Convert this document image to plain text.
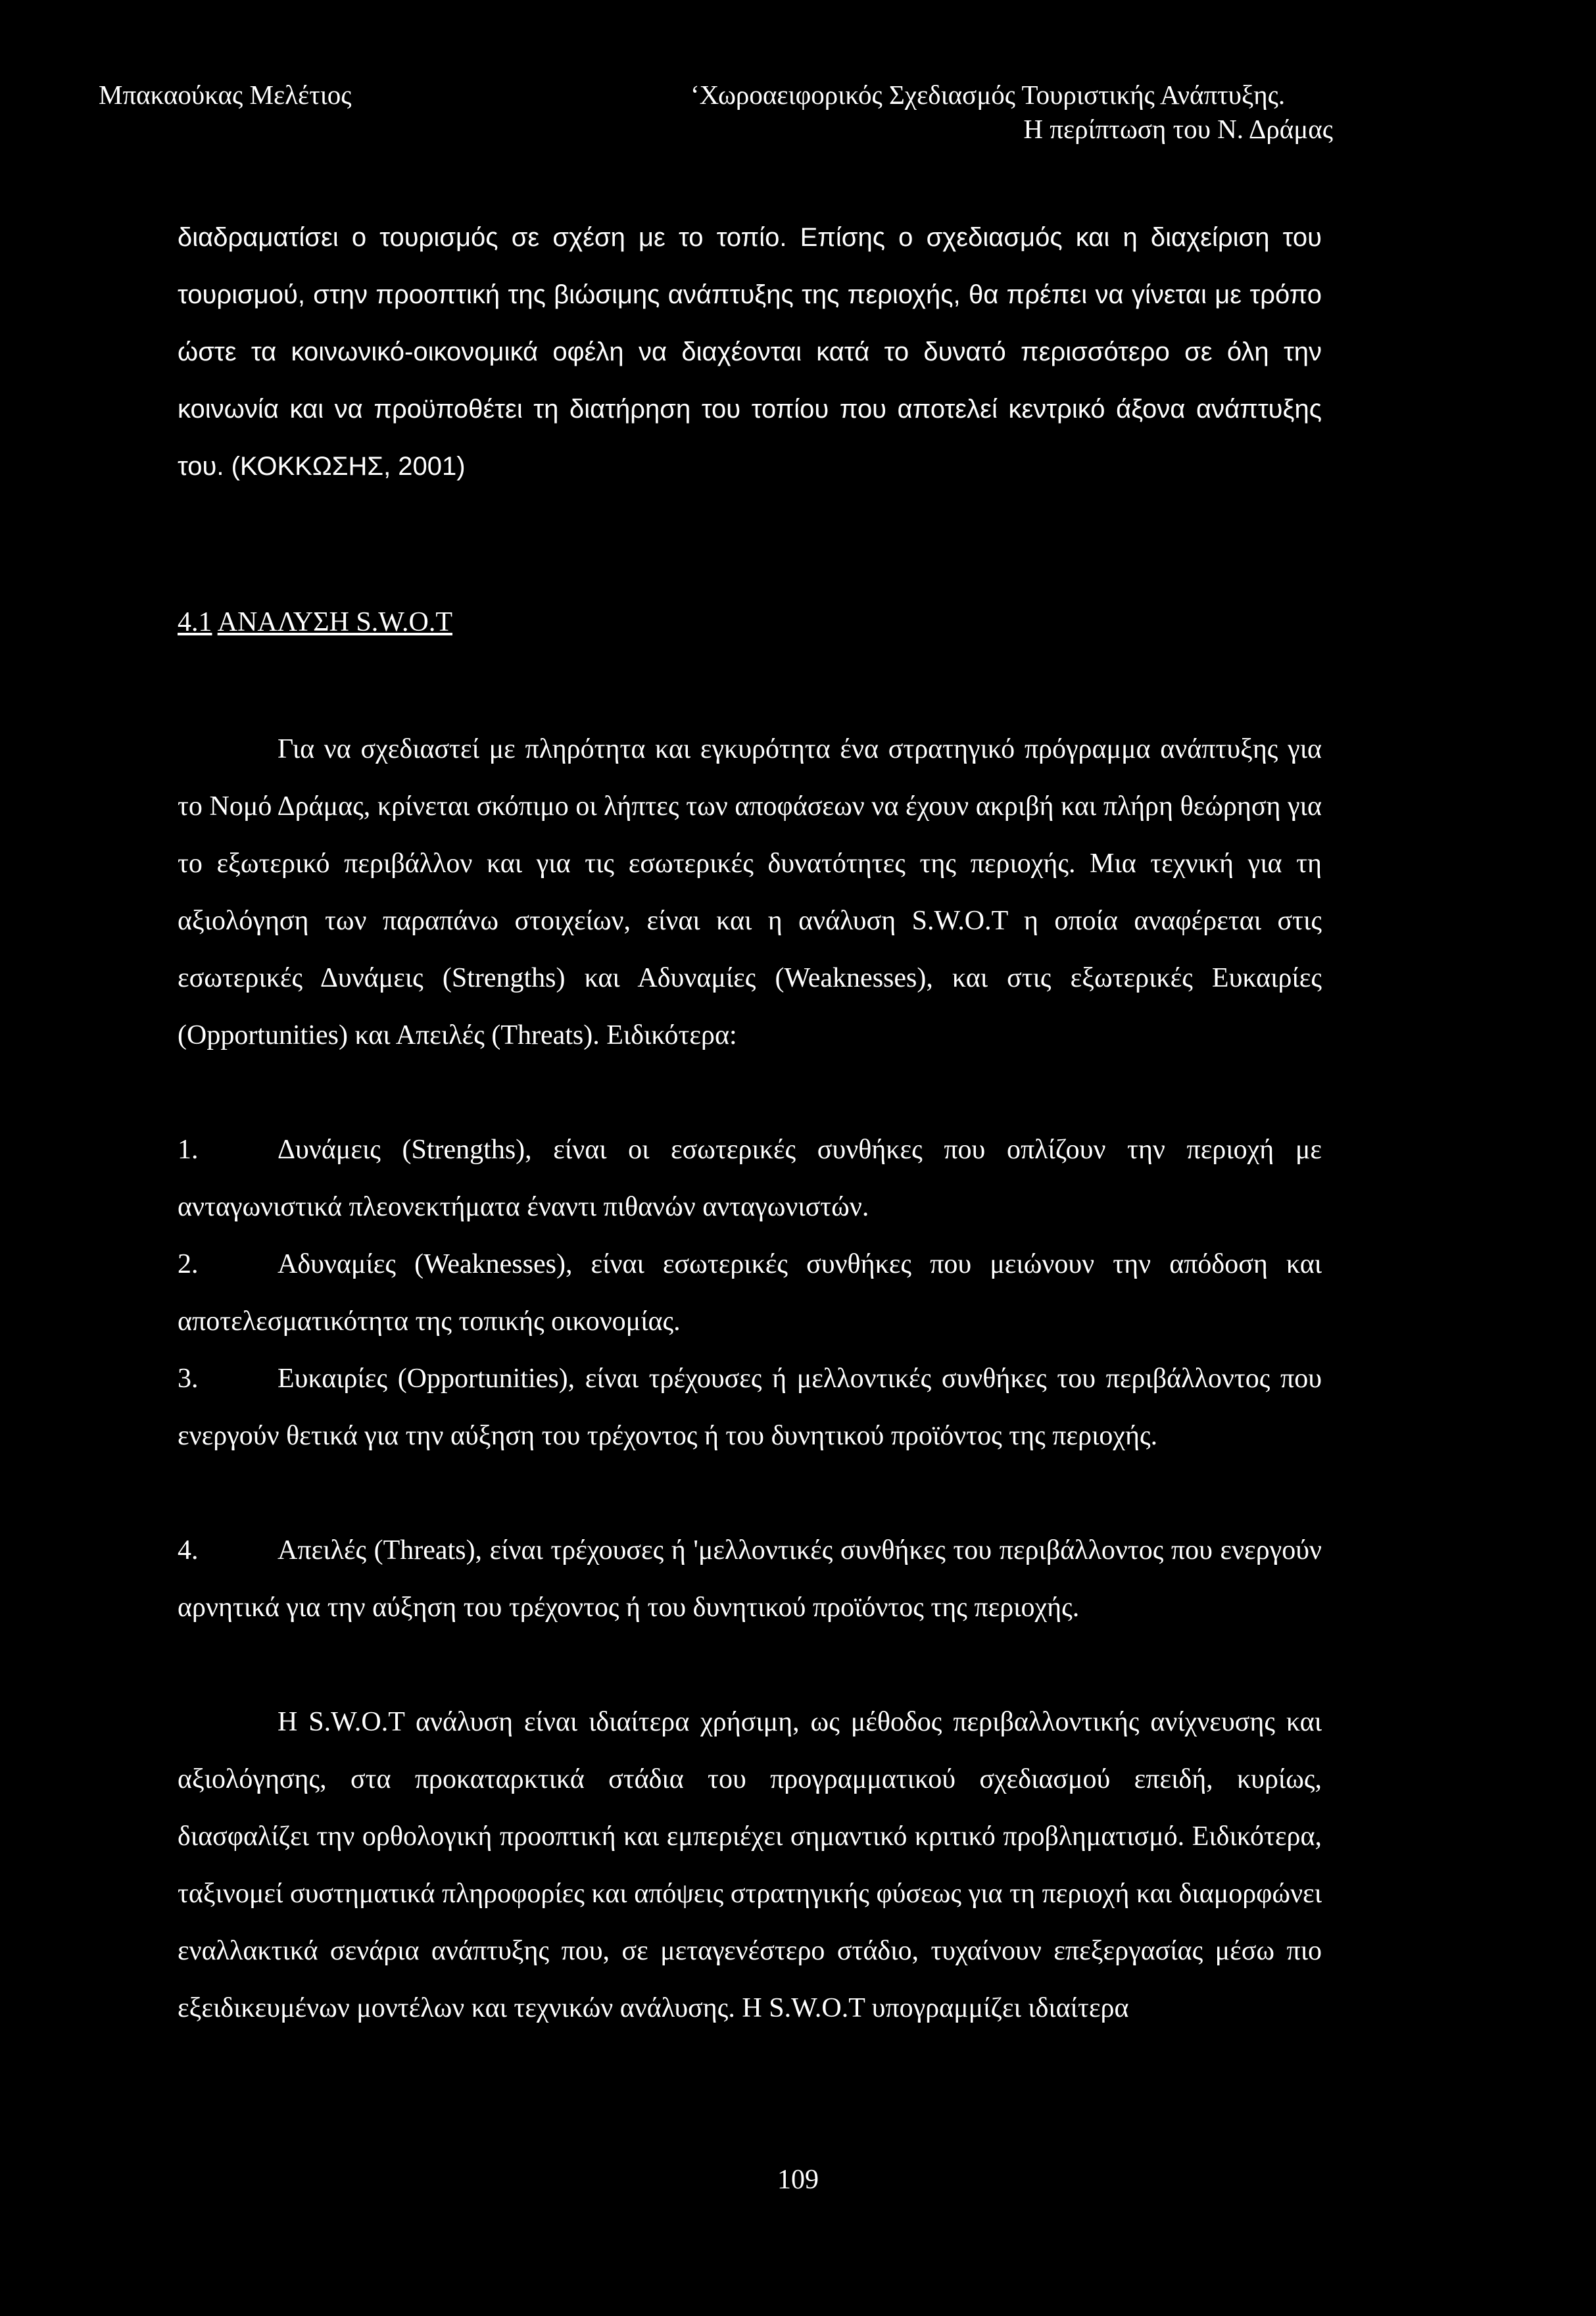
Μπακαούκας Μελέτιος	‘Χωροαειφορικός Σχεδιασμός Τουριστικής Ανάπτυξης.
Η περίπτωση του Ν. Δράμας
διαδραματίσει ο τουρισμός σε σχέση με το τοπίο. Επίσης ο σχεδιασμός και η διαχείριση του τουρισμού, στην προοπτική της βιώσιμης ανάπτυξης της περιοχής, θα πρέπει να γίνεται με τρόπο ώστε τα κοινωνικό-οικονομικά οφέλη να διαχέονται κατά το δυνατό περισσότερο σε όλη την κοινωνία και να προϋποθέτει τη διατήρηση του τοπίου που αποτελεί κεντρικό άξονα ανάπτυξης του. (ΚΟΚΚΩΣΗΣ, 2001)
4.1 ΑΝΑΛΥΣΗ S.W.O.T
Για να σχεδιαστεί με πληρότητα και εγκυρότητα ένα στρατηγικό πρόγραμμα ανάπτυξης για το Νομό Δράμας, κρίνεται σκόπιμο οι λήπτες των αποφάσεων να έχουν ακριβή και πλήρη θεώρηση για το εξωτερικό περιβάλλον και για τις εσωτερικές δυνατότητες της περιοχής. Μια τεχνική για τη αξιολόγηση των παραπάνω στοιχείων, είναι και η ανάλυση S.W.O.T η οποία αναφέρεται στις εσωτερικές Δυνάμεις (Strengths) και Αδυναμίες (Weaknesses), και στις εξωτερικές Ευκαιρίες (Opportunities) και Απειλές (Threats). Ειδικότερα:
1.	Δυνάμεις (Strengths), είναι οι εσωτερικές συνθήκες που οπλίζουν την περιοχή με ανταγωνιστικά πλεονεκτήματα έναντι πιθανών ανταγωνιστών.
2.	Αδυναμίες (Weaknesses), είναι εσωτερικές συνθήκες που μειώνουν την απόδοση και αποτελεσματικότητα της τοπικής οικονομίας.
3.	Ευκαιρίες (Opportunities), είναι τρέχουσες ή μελλοντικές συνθήκες του περιβάλλοντος που ενεργούν θετικά για την αύξηση του τρέχοντος ή του δυνητικού προϊόντος της περιοχής.
4.	Απειλές (Threats), είναι τρέχουσες ή 'μελλοντικές συνθήκες του περιβάλλοντος που ενεργούν αρνητικά για την αύξηση του τρέχοντος ή του δυνητικού προϊόντος της περιοχής.
Η S.W.O.T ανάλυση είναι ιδιαίτερα χρήσιμη, ως μέθοδος περιβαλλοντικής ανίχνευσης και αξιολόγησης, στα προκαταρκτικά στάδια του προγραμματικού σχεδιασμού επειδή, κυρίως, διασφαλίζει την ορθολογική προοπτική και εμπεριέχει σημαντικό κριτικό προβληματισμό. Ειδικότερα, ταξινομεί συστηματικά πληροφορίες και απόψεις στρατηγικής φύσεως για τη περιοχή και διαμορφώνει εναλλακτικά σενάρια ανάπτυξης που, σε μεταγενέστερο στάδιο, τυχαίνουν επεξεργασίας μέσω πιο εξειδικευμένων μοντέλων και τεχνικών ανάλυσης. Η S.W.O.T υπογραμμίζει ιδιαίτερα
109
